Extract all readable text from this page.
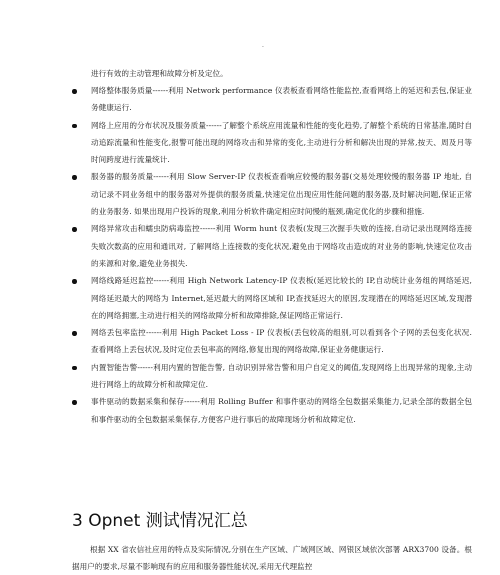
.
进行有效的主动管理和故障分析及定位。
网络整体服务质量------利用 Network performance 仪表板查看网络性能监控,查看网络上的延迟和丢包,保证业务健康运行.
网络上应用的分布状况及服务质量------了解整个系统应用流量和性能的变化趋势,了解整个系统的日常基准,随时自动追踪流量和性能变化,报警可能出现的网络攻击和异常的变化,主动进行分析和解决出现的异常,按天、周及月等时间跨度进行流量统计.
服务器的服务质量------利用 Slow Server-IP 仪表板查看响应较慢的服务器(交易处理较慢的服务器 IP 地址, 自动记录不同业务组中的服务器对外提供的服务质量,快速定位出现应用性能问题的服务器,及时解决问题,保证正常的业务服务. 如果出现用户投诉的现象,利用分析软件确定相应时间慢的瓶颈,确定优化的步骤和措施.
网络异常攻击和蠕虫防病毒监控------利用 Worm hunt 仪表板(发现三次握手失败的连接,自动记录出现网络连接失败次数高的应用和通讯对, 了解网络上连接数的变化状况,避免由于网络攻击造成的对业务的影响,快速定位攻击的来源和对象,避免业务损失.
网络线路延迟监控------利用 High Network Latency-IP 仪表板(延迟比较长的 IP,自动统计业务组的网络延迟,网络延迟最大的网络为 Internet,延迟最大的网络区域和 IP,查找延迟大的原因,发现潜在的网络延迟区域,发现潜在的网络拥塞,主动进行相关的网络故障分析和故障排除,保证网络正常运行.
网络丢包率监控------利用 High Packet Loss - IP 仪表板(丢包较高的组别,可以看到各个子网的丢包变化状况. 查看网络上丢包状况,及时定位丢包率高的网络,修复出现的网络故障,保证业务健康运行.
内置智能告警------利用内置的智能告警, 自动识别异常告警和用户自定义的阈值,发现网络上出现异常的现象,主动进行网络上的故障分析和故障定位.
事件驱动的数据采集和保存------利用 Rolling Buffer 和事件驱动的网络全包数据采集能力,记录全部的数据全包和事件驱动的全包数据采集保存,方便客户进行事后的故障现场分析和故障定位.
3 Opnet 测试情况汇总

根据 XX 省农信社应用的特点及实际情况,分别在生产区域、广域网区域、网银区域依次部署 ARX3700 设备。根据用户的要求,尽量不影响现有的应用和服务器性能状况,采用无代理监控
